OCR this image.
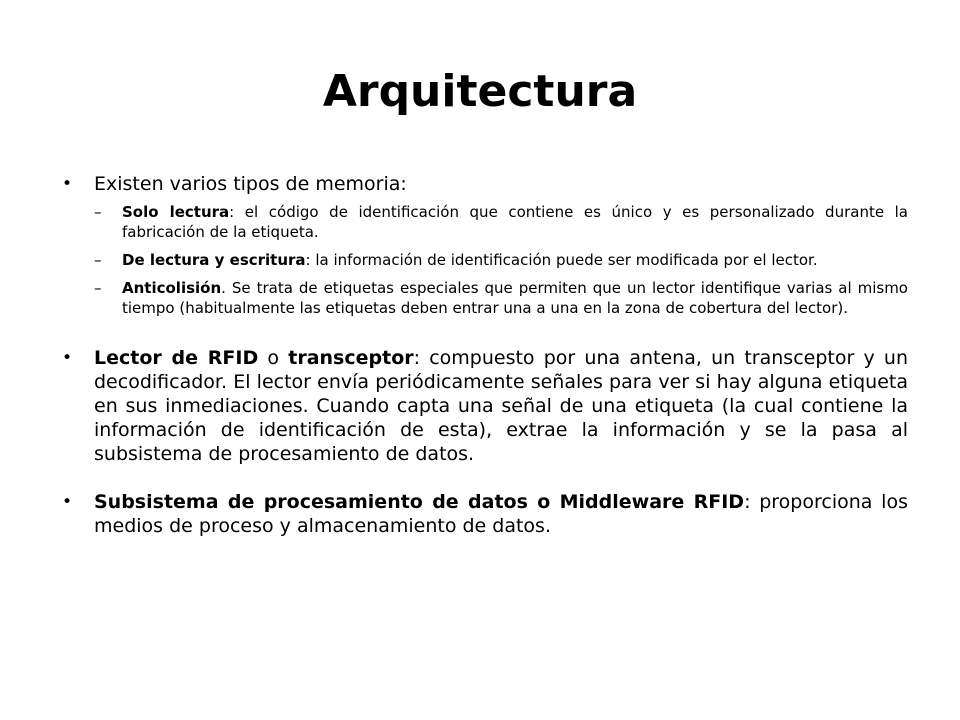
Arquitectura
• Existen varios tipos de memoria:
– Solo lectura: el código de identificación que contiene es único y es personalizado durante la fabricación de la etiqueta.
– De lectura y escritura: la información de identificación puede ser modificada por el lector.
– Anticolisión. Se trata de etiquetas especiales que permiten que un lector identifique varias al mismo tiempo (habitualmente las etiquetas deben entrar una a una en la zona de cobertura del lector).
• Lector de RFID o transceptor: compuesto por una antena, un transceptor y un decodificador. El lector envía periódicamente señales para ver si hay alguna etiqueta en sus inmediaciones. Cuando capta una señal de una etiqueta (la cual contiene la información de identificación de esta), extrae la información y se la pasa al subsistema de procesamiento de datos.
• Subsistema de procesamiento de datos o Middleware RFID: proporciona los medios de proceso y almacenamiento de datos.
